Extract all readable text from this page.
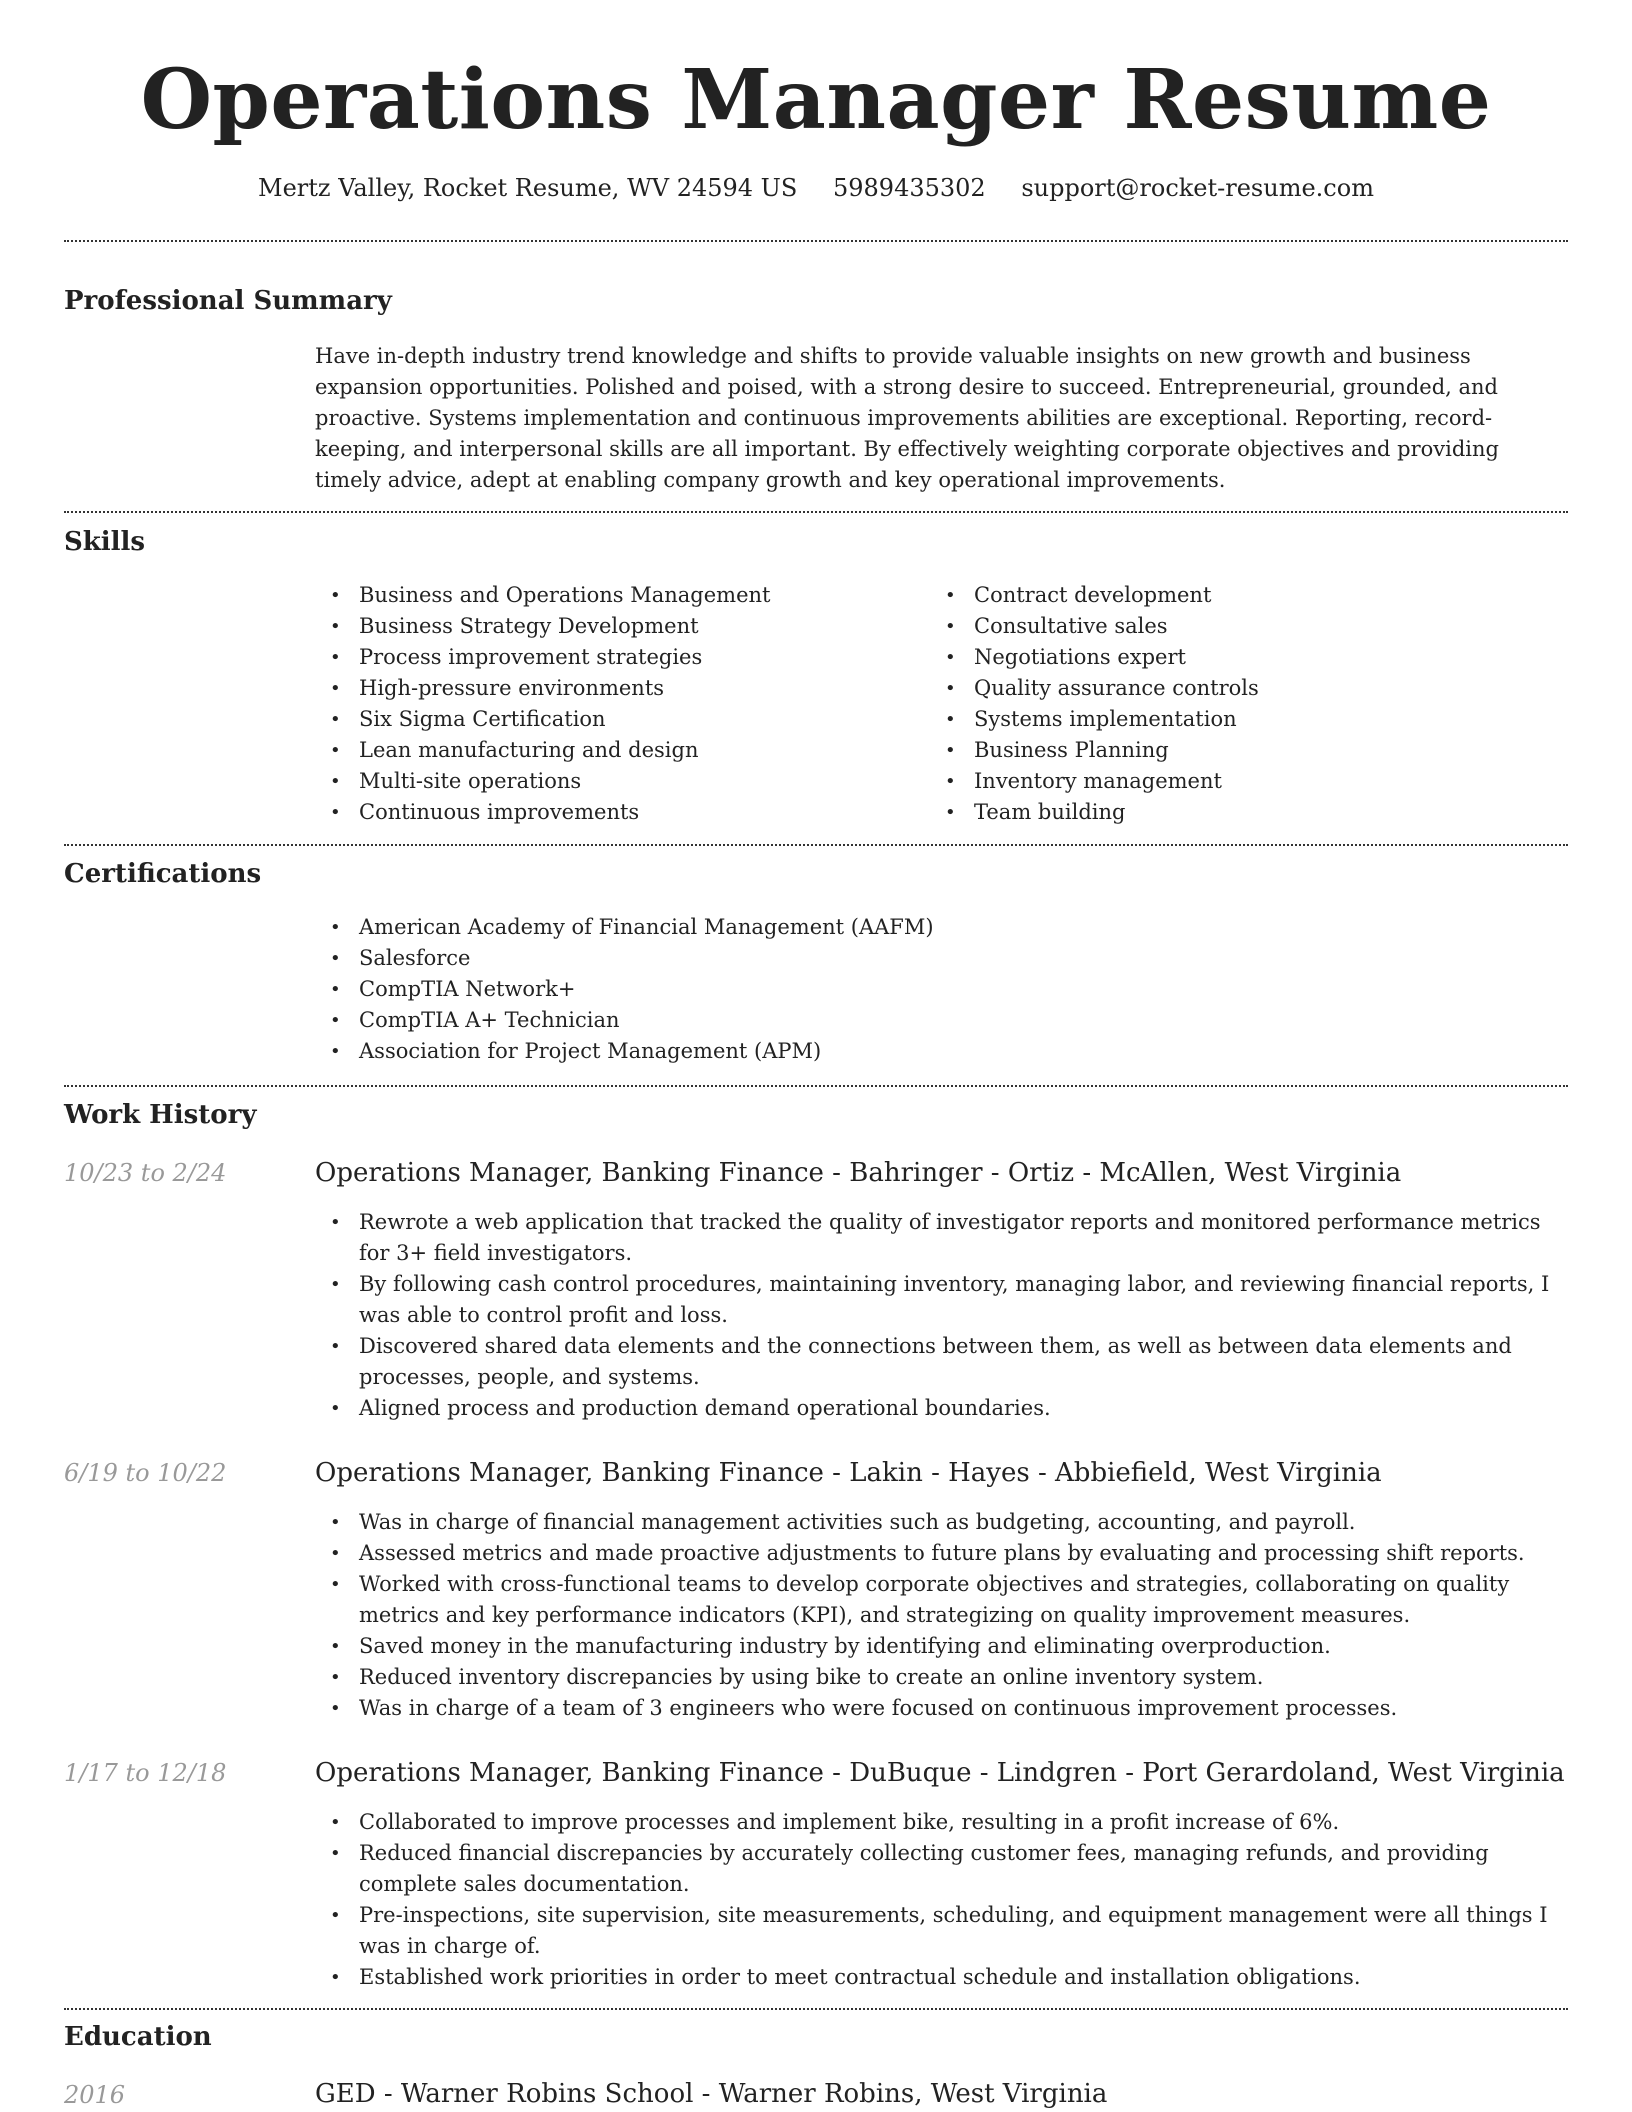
Operations Manager Resume
Mertz Valley, Rocket Resume, WV 24594 US 5989435302 support@rocket-resume.com
Professional Summary

Have in-depth industry trend knowledge and shifts to provide valuable insights on new growth and business expansion opportunities. Polished and poised, with a strong desire to succeed. Entrepreneurial, grounded, and proactive. Systems implementation and continuous improvements abilities are exceptional. Reporting, record-keeping, and interpersonal skills are all important. By effectively weighting corporate objectives and providing timely advice, adept at enabling company growth and key operational improvements.

Skills
• Business and Operations Management
• Business Strategy Development
• Process improvement strategies
• High-pressure environments
• Six Sigma Certification
• Lean manufacturing and design
• Multi-site operations
• Continuous improvements
• Contract development
• Consultative sales
• Negotiations expert
• Quality assurance controls
• Systems implementation
• Business Planning
• Inventory management
• Team building
Certifications
• American Academy of Financial Management (AAFM)
• Salesforce
• CompTIA Network+
• CompTIA A+ Technician
• Association for Project Management (APM)
Work History
10/23 to 2/24	Operations Manager, Banking Finance - Bahringer - Ortiz - McAllen, West Virginia
• Rewrote a web application that tracked the quality of investigator reports and monitored performance metrics for 3+ field investigators.
• By following cash control procedures, maintaining inventory, managing labor, and reviewing financial reports, I was able to control profit and loss.
• Discovered shared data elements and the connections between them, as well as between data elements and processes, people, and systems.
• Aligned process and production demand operational boundaries.
6/19 to 10/22	Operations Manager, Banking Finance - Lakin - Hayes - Abbiefield, West Virginia
• Was in charge of financial management activities such as budgeting, accounting, and payroll.
• Assessed metrics and made proactive adjustments to future plans by evaluating and processing shift reports.
• Worked with cross-functional teams to develop corporate objectives and strategies, collaborating on quality metrics and key performance indicators (KPI), and strategizing on quality improvement measures.
• Saved money in the manufacturing industry by identifying and eliminating overproduction.
• Reduced inventory discrepancies by using bike to create an online inventory system.
• Was in charge of a team of 3 engineers who were focused on continuous improvement processes.
1/17 to 12/18	Operations Manager, Banking Finance - DuBuque - Lindgren - Port Gerardoland, West Virginia
• Collaborated to improve processes and implement bike, resulting in a profit increase of 6%.
• Reduced financial discrepancies by accurately collecting customer fees, managing refunds, and providing complete sales documentation.
• Pre-inspections, site supervision, site measurements, scheduling, and equipment management were all things I was in charge of.
• Established work priorities in order to meet contractual schedule and installation obligations.
Education
2016	GED - Warner Robins School - Warner Robins, West Virginia
